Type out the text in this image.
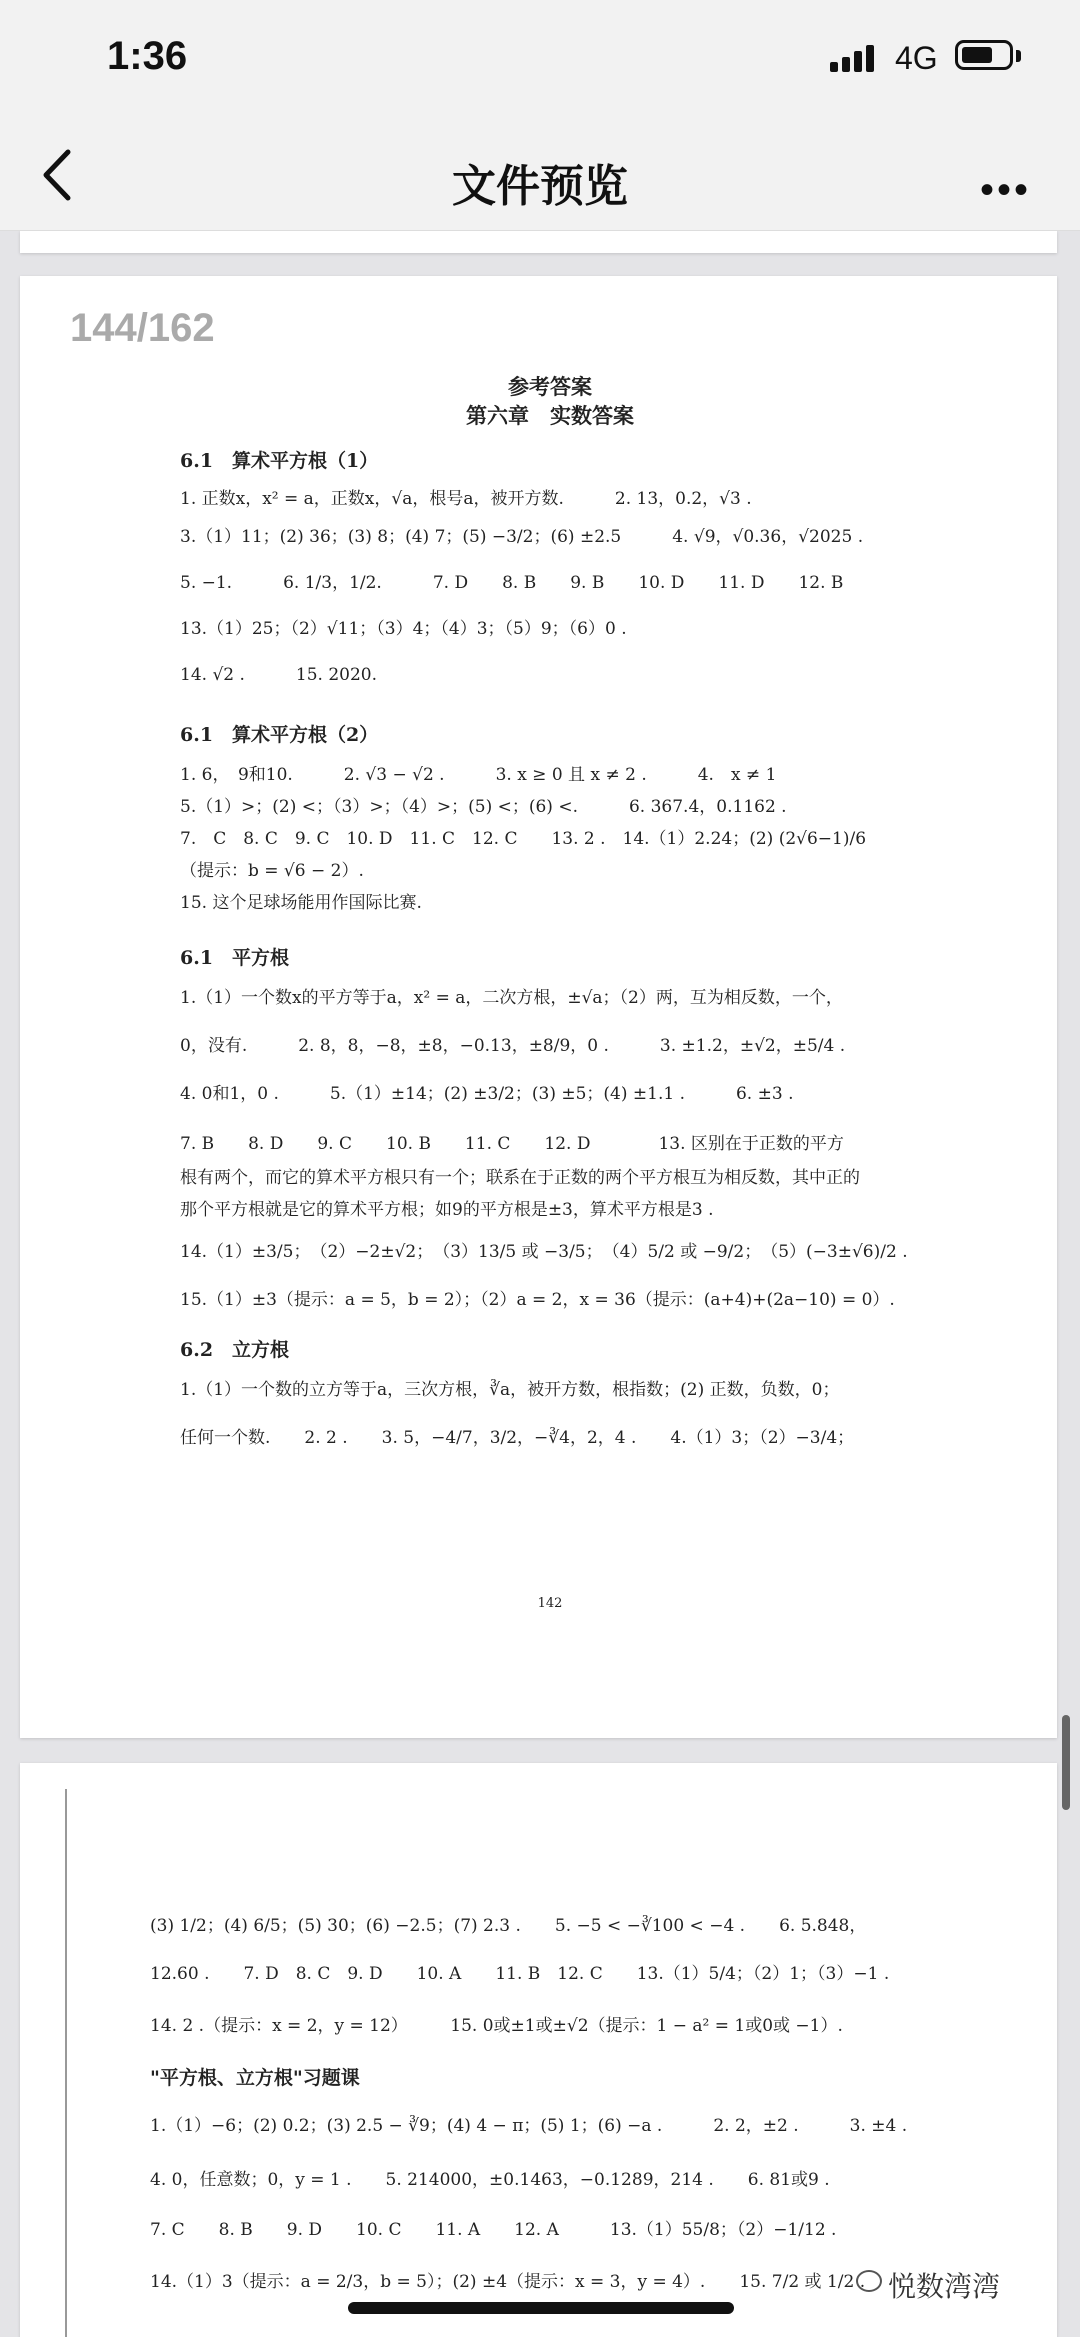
1:36	4G
文件预览	•••
144/162
参考答案
第六章　实数答案
6.1　算术平方根（1）
1. 正数x，x² = a，正数x，√a，根号a，被开方数.　　　2. 13，0.2，√3 .
3.（1）11；(2) 36；(3) 8；(4) 7；(5) −3/2；(6) ±2.5　　　4. √9，√0.36，√2025 .
5. −1.　　　6. 1/3，1/2.　　　7. D　　8. B　　9. B　　10. D　　11. D　　12. B
13.（1）25；（2）√11；（3）4；（4）3；（5）9；（6）0 .
14. √2 .　　　15. 2020.
6.1　算术平方根（2）
1. 6，　9和10.　　　2. √3 − √2 .　　　3. x ≥ 0 且 x ≠ 2 .　　　4.　x ≠ 1
5.（1）>；(2) <；（3）>；（4）>；(5) <；(6) <.　　　6. 367.4，0.1162 .
7.　C　8. C　9. C　10. D　11. C　12. C　　13. 2 .　14.（1）2.24；(2) (2√6−1)/6
（提示：b = √6 − 2）.
15. 这个足球场能用作国际比赛.
6.1　平方根
1.（1）一个数x的平方等于a，x² = a，二次方根，±√a；（2）两，互为相反数，一个，
0，没有.　　　2. 8，8，−8，±8，−0.13，±8/9，0 .　　　3. ±1.2，±√2，±5/4 .
4. 0和1，0 .　　　5.（1）±14；(2) ±3/2；(3) ±5；(4) ±1.1 .　　　6. ±3 .
7. B　　8. D　　9. C　　10. B　　11. C　　12. D　　　　13. 区别在于正数的平方
根有两个，而它的算术平方根只有一个；联系在于正数的两个平方根互为相反数，其中正的
那个平方根就是它的算术平方根；如9的平方根是±3，算术平方根是3 .
14.（1）±3/5；　（2）−2±√2；　（3）13/5 或 −3/5；　（4）5/2 或 −9/2；　（5）(−3±√6)/2 .
15.（1）±3（提示：a = 5，b = 2）；（2）a = 2，x = 36（提示：(a+4)+(2a−10) = 0）.
6.2　立方根
1.（1）一个数的立方等于a，三次方根，∛a，被开方数，根指数；(2) 正数，负数，0；
任何一个数.　　2. 2 .　　3. 5，−4/7，3/2，−∛4，2，4 .　　4.（1）3；（2）−3/4；
142
(3) 1/2；(4) 6/5；(5) 30；(6) −2.5；(7) 2.3 .　　5. −5 < −∛100 < −4 .　　6. 5.848，
12.60 .　　7. D　8. C　9. D　　10. A　　11. B　12. C　　13.（1）5/4；（2）1；（3）−1 .
14. 2 .（提示：x = 2，y = 12）　　　15. 0或±1或±√2（提示：1 − a² = 1或0或 −1）.
"平方根、立方根"习题课
1.（1）−6；(2) 0.2；(3) 2.5 − ∛9；(4) 4 − π；(5) 1；(6) −a .　　　2. 2，±2 .　　　3. ±4 .
4. 0，任意数；0，y = 1 .　　5. 214000，±0.1463，−0.1289，214 .　　6. 81或9 .
7. C　　8. B　　9. D　　10. C　　11. A　　12. A　　　13.（1）55/8；（2）−1/12 .
14.（1）3（提示：a = 2/3，b = 5）；(2) ±4（提示：x = 3，y = 4）.　　15. 7/2 或 1/2 . 悦数湾湾
